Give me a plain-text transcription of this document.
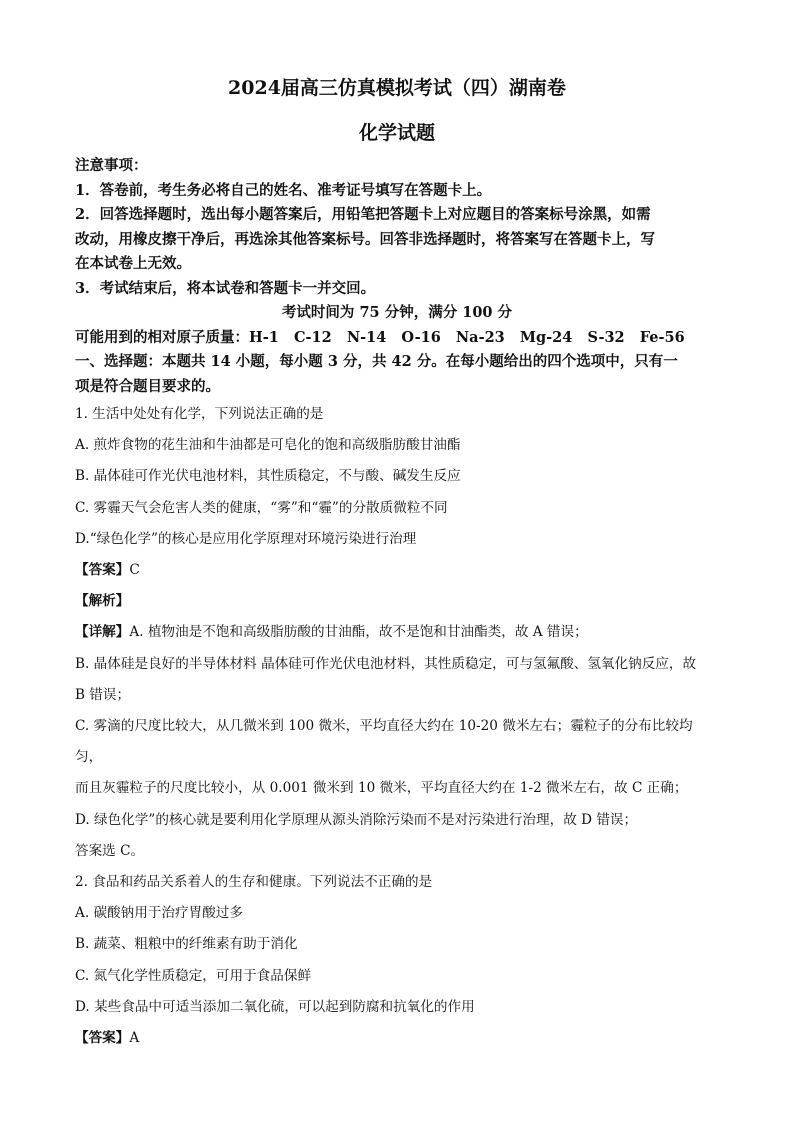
2024届高三仿真模拟考试（四）湖南卷
化学试题
注意事项：
1．答卷前，考生务必将自己的姓名、准考证号填写在答题卡上。
2．回答选择题时，选出每小题答案后，用铅笔把答题卡上对应题目的答案标号涂黑，如需
改动，用橡皮擦干净后，再选涂其他答案标号。回答非选择题时，将答案写在答题卡上，写
在本试卷上无效。
3．考试结束后，将本试卷和答题卡一并交回。
考试时间为 75 分钟，满分 100 分
可能用到的相对原子质量：H-1   C-12   N-14   O-16   Na-23   Mg-24   S-32   Fe-56
一、选择题：本题共 14 小题，每小题 3 分，共 42 分。在每小题给出的四个选项中，只有一
项是符合题目要求的。
1. 生活中处处有化学，下列说法正确的是
A. 煎炸食物的花生油和牛油都是可皂化的饱和高级脂肪酸甘油酯
B. 晶体硅可作光伏电池材料，其性质稳定，不与酸、碱发生反应
C. 雾霾天气会危害人类的健康，“雾”和“霾”的分散质微粒不同
D.“绿色化学”的核心是应用化学原理对环境污染进行治理
【 答案 】 C
【 解析 】
【 详解 】 A. 植物油是不饱和高级脂肪酸的甘油酯，故不是饱和甘油酯类，故 A 错误；
B. 晶体硅是良好的半导体材料 晶体硅可作光伏电池材料，其性质稳定，可与氢氟酸、氢氧化钠反应，故
B 错误；
C. 雾滴的尺度比较大，从几微米到 100 微米，平均直径大约在 10-20 微米左右；霾粒子的分布比较均匀，
而且灰霾粒子的尺度比较小，从 0.001 微米到 10 微米，平均直径大约在 1-2 微米左右，故 C 正确；
D. 绿色化学”的核心就是要利用化学原理从源头消除污染而不是对污染进行治理，故 D 错误；
答案选 C。
2. 食品和药品关系着人的生存和健康。下列说法不正确的是
A. 碳酸钠用于治疗胃酸过多
B. 蔬菜、粗粮中的纤维素有助于消化
C. 氮气化学性质稳定，可用于食品保鲜
D. 某些食品中可适当添加二氧化硫，可以起到防腐和抗氧化的作用
【 答案 】 A
